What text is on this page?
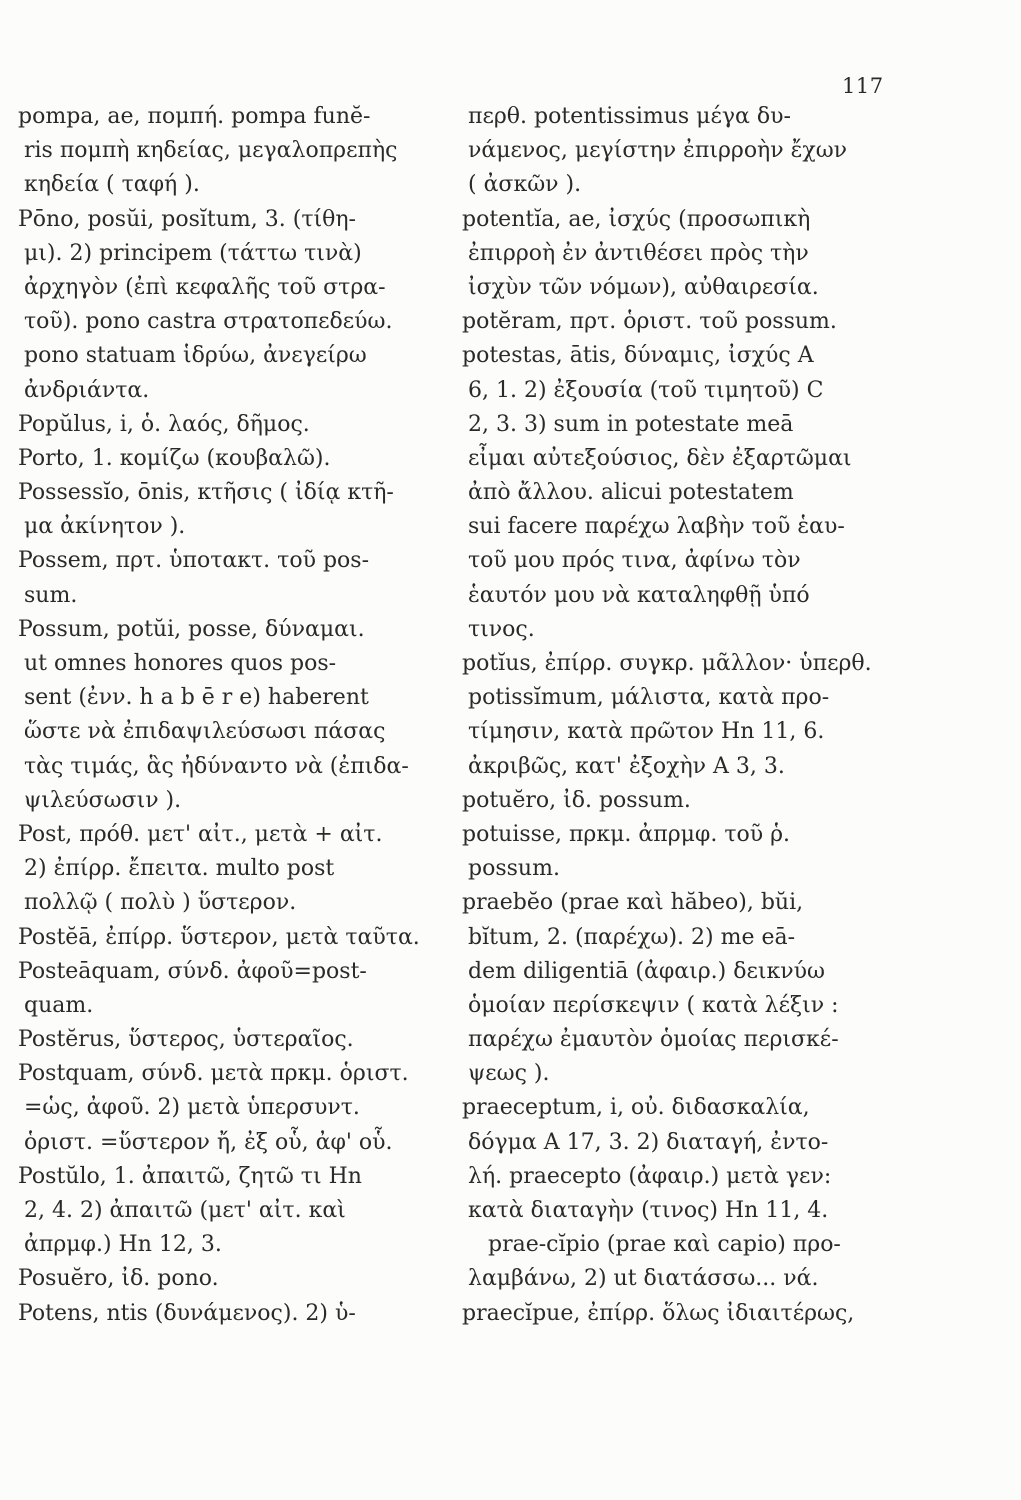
117
pompa, ae, πομπή. pompa funĕ-
ris πομπὴ κηδείας, μεγαλοπρεπὴς
κηδεία ( ταφή ).
Pōno, posŭi, posĭtum, 3. (τίθη-
μι). 2) principem (τάττω τινὰ)
ἀρχηγὸν (ἐπὶ κεφαλῆς τοῦ στρα-
τοῦ). pono castra στρατοπεδεύω.
pono statuam ἱδρύω, ἀνεγείρω
ἀνδριάντα.
Popŭlus, i, ὁ. λαός, δῆμος.
Porto, 1. κομίζω (κουβαλῶ).
Possessĭo, ōnis, κτῆσις ( ἰδίᾳ κτῆ-
μα ἀκίνητον ).
Possem, πρτ. ὑποτακτ. τοῦ pos-
sum.
Possum, potŭi, posse, δύναμαι.
ut omnes honores quos pos-
sent (ἐνν. h a b ē r e) haberent
ὥστε νὰ ἐπιδαψιλεύσωσι πάσας
τὰς τιμάς, ἃς ἠδύναντο νὰ (ἐπιδα-
ψιλεύσωσιν ).
Post, πρόθ. μετ' αἰτ., μετὰ + αἰτ.
2) ἐπίρρ. ἔπειτα. multo post
πολλῷ ( πολὺ ) ὕστερον.
Postĕā, ἐπίρρ. ὕστερον, μετὰ ταῦτα.
Posteāquam, σύνδ. ἀφοῦ=post-
quam.
Postĕrus, ὕστερος, ὑστεραῖος.
Postquam, σύνδ. μετὰ πρκμ. ὁριστ.
=ὡς, ἀφοῦ. 2) μετὰ ὑπερσυντ.
ὁριστ. =ὕστερον ἤ, ἐξ οὗ, ἀφ' οὗ.
Postŭlo, 1. ἀπαιτῶ, ζητῶ τι Hn
2, 4. 2) ἀπαιτῶ (μετ' αἰτ. καὶ
ἀπρμφ.) Hn 12, 3.
Posuĕro, ἰδ. pono.
Potens, ntis (δυνάμενος). 2) ὑ-
περθ. potentissimus μέγα δυ-
νάμενος, μεγίστην ἐπιρροὴν ἔχων
( ἀσκῶν ).
potentĭa, ae, ἰσχύς (προσωπικὴ
ἐπιρροὴ ἐν ἀντιθέσει πρὸς τὴν
ἰσχὺν τῶν νόμων), αὐθαιρεσία.
potĕram, πρτ. ὁριστ. τοῦ possum.
potestas, ātis, δύναμις, ἰσχύς A
6, 1. 2) ἐξουσία (τοῦ τιμητοῦ) C
2, 3. 3) sum in potestate meā
εἶμαι αὐτεξούσιος, δὲν ἐξαρτῶμαι
ἀπὸ ἄλλου. alicui potestatem
sui facere παρέχω λαβὴν τοῦ ἑαυ-
τοῦ μου πρός τινα, ἀφίνω τὸν
ἑαυτόν μου νὰ καταληφθῇ ὑπό
τινος.
potĭus, ἐπίρρ. συγκρ. μᾶλλον· ὑπερθ.
potissĭmum, μάλιστα, κατὰ προ-
τίμησιν, κατὰ πρῶτον Hn 11, 6.
ἀκριβῶς, κατ' ἐξοχὴν A 3, 3.
potuĕro, ἰδ. possum.
potuisse, πρκμ. ἀπρμφ. τοῦ ῥ.
possum.
praebĕo (prae καὶ hăbeo), bŭi,
bĭtum, 2. (παρέχω). 2) me eā-
dem diligentiā (ἀφαιρ.) δεικνύω
ὁμοίαν περίσκεψιν ( κατὰ λέξιν :
παρέχω ἐμαυτὸν ὁμοίας περισκέ-
ψεως ).
praeceptum, i, οὐ. διδασκαλία,
δόγμα A 17, 3. 2) διαταγή, ἐντο-
λή. praecepto (ἀφαιρ.) μετὰ γεν:
κατὰ διαταγὴν (τινος) Hn 11, 4.
prae-cĭpio (prae καὶ capio) προ-
λαμβάνω, 2) ut διατάσσω... νά.
praecĭpue, ἐπίρρ. ὅλως ἰδιαιτέρως,
